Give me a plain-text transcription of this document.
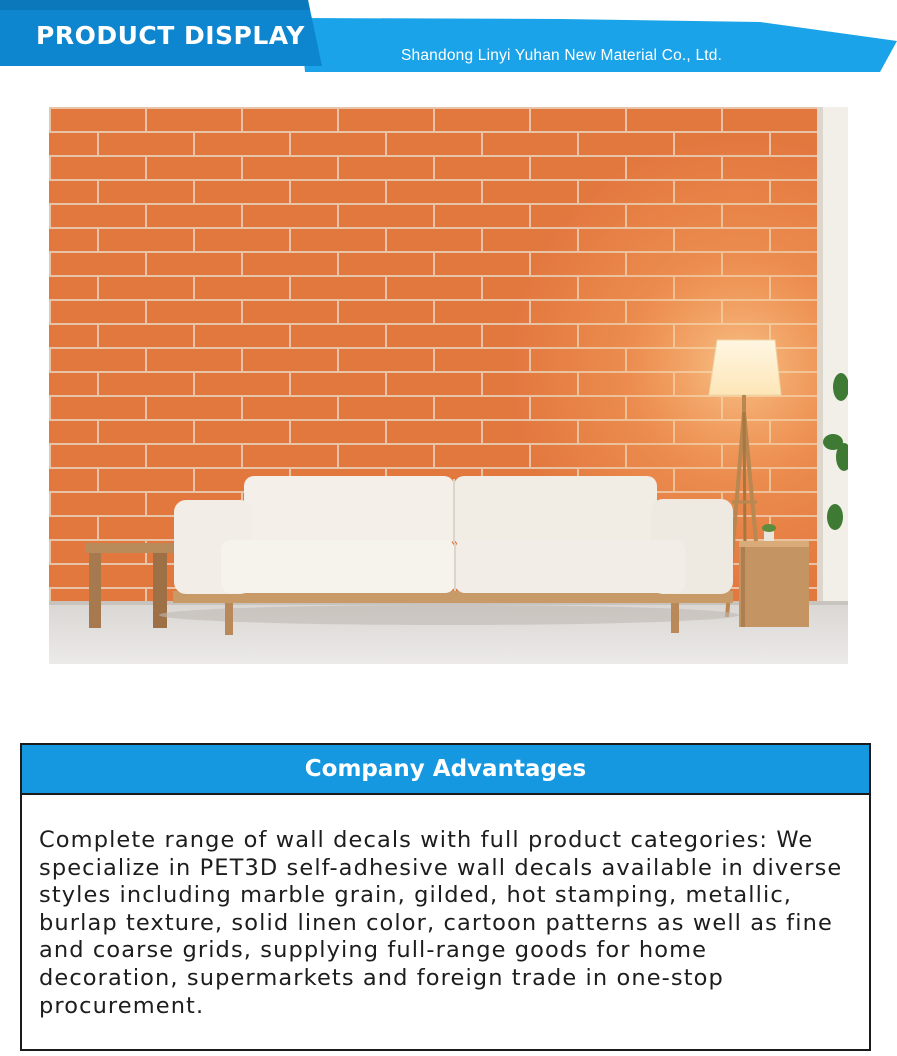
PRODUCT DISPLAY
Shandong Linyi Yuhan New Material Co., Ltd.
Company Advantages

Complete range of wall decals with full product categories: We specialize in PET3D self-adhesive wall decals available in diverse styles including marble grain, gilded, hot stamping, metallic, burlap texture, solid linen color, cartoon patterns as well as fine and coarse grids, supplying full-range goods for home decoration, supermarkets and foreign trade in one-stop procurement.
